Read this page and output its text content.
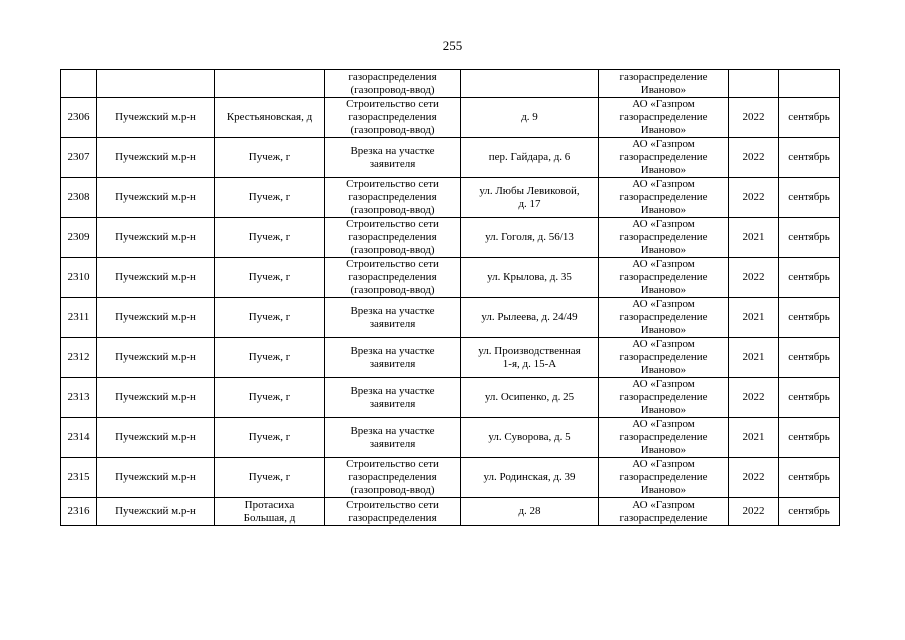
255
			газораспределения
(газопровод-ввод)		газораспределение
Иваново»		
2306	Пучежский м.р-н	Крестьяновская, д	Строительство сети
газораспределения
(газопровод-ввод)	д. 9	АО «Газпром
газораспределение
Иваново»	2022	сентябрь
2307	Пучежский м.р-н	Пучеж, г	Врезка на участке
заявителя	пер. Гайдара, д. 6	АО «Газпром
газораспределение
Иваново»	2022	сентябрь
2308	Пучежский м.р-н	Пучеж, г	Строительство сети
газораспределения
(газопровод-ввод)	ул. Любы Левиковой,
д. 17	АО «Газпром
газораспределение
Иваново»	2022	сентябрь
2309	Пучежский м.р-н	Пучеж, г	Строительство сети
газораспределения
(газопровод-ввод)	ул. Гоголя, д. 56/13	АО «Газпром
газораспределение
Иваново»	2021	сентябрь
2310	Пучежский м.р-н	Пучеж, г	Строительство сети
газораспределения
(газопровод-ввод)	ул. Крылова, д. 35	АО «Газпром
газораспределение
Иваново»	2022	сентябрь
2311	Пучежский м.р-н	Пучеж, г	Врезка на участке
заявителя	ул. Рылеева, д. 24/49	АО «Газпром
газораспределение
Иваново»	2021	сентябрь
2312	Пучежский м.р-н	Пучеж, г	Врезка на участке
заявителя	ул. Производственная
1-я, д. 15-А	АО «Газпром
газораспределение
Иваново»	2021	сентябрь
2313	Пучежский м.р-н	Пучеж, г	Врезка на участке
заявителя	ул. Осипенко, д. 25	АО «Газпром
газораспределение
Иваново»	2022	сентябрь
2314	Пучежский м.р-н	Пучеж, г	Врезка на участке
заявителя	ул. Суворова, д. 5	АО «Газпром
газораспределение
Иваново»	2021	сентябрь
2315	Пучежский м.р-н	Пучеж, г	Строительство сети
газораспределения
(газопровод-ввод)	ул. Родинская, д. 39	АО «Газпром
газораспределение
Иваново»	2022	сентябрь
2316	Пучежский м.р-н	Протасиха
Большая, д	Строительство сети
газораспределения	д. 28	АО «Газпром
газораспределение	2022	сентябрь
